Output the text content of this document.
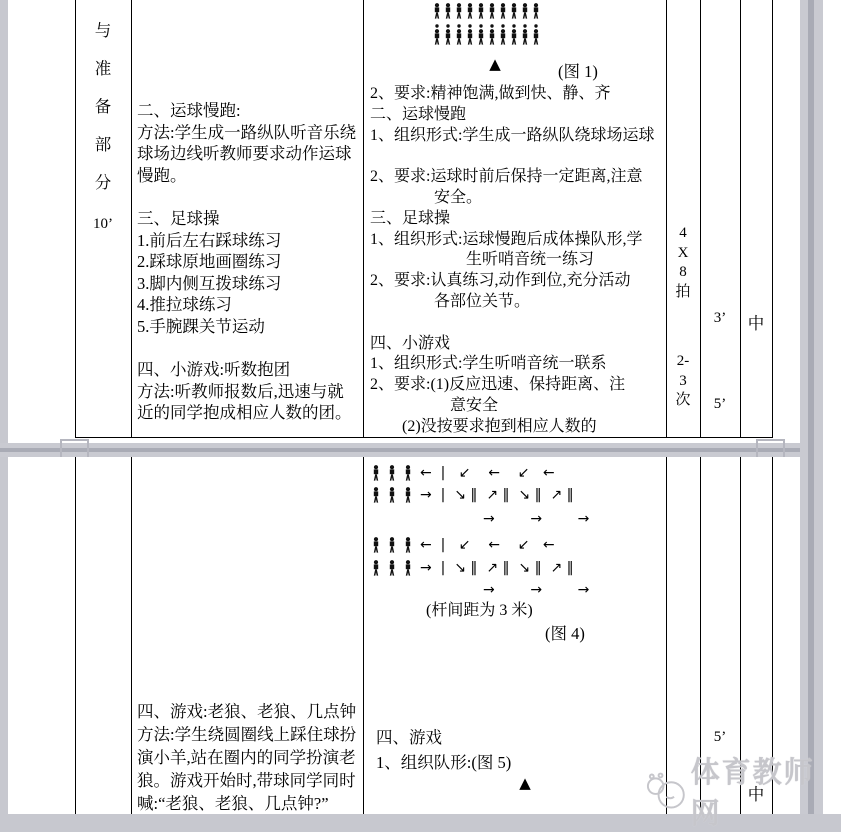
与
准
备
部
分
10’
二、运球慢跑:
方法:学生成一路纵队听音乐绕
球场边线听教师要求动作运球
慢跑。

三、足球操
1.前后左右踩球练习
2.踩球原地画圈练习
3.脚内侧互拨球练习
4.推拉球练习
5.手腕踝关节运动

四、小游戏:听数抱团
方法:听教师报数后,迅速与就
近的同学抱成相应人数的团。
▲	(图 1)
2、要求:精神饱满,做到快、静、齐
二、运球慢跑
1、组织形式:学生成一路纵队绕球场运球

2、要求:运球时前后保持一定距离,注意
　　　　安全。
三、足球操
1、组织形式:运球慢跑后成体操队形,学
　　　　　　生听哨音统一练习
2、要求:认真练习,动作到位,充分活动
　　　　各部位关节。

四、小游戏
1、组织形式:学生听哨音统一联系
2、要求:(1)反应迅速、保持距离、注
　　　　　意安全
　　(2)没按要求抱到相应人数的
4
X
8
拍
2-
3
次
3’
5’
中
←  |   ↙    ←    ↙   ←
→  |  ↘ ‖  ↗ ‖  ↘ ‖  ↗ ‖
→        →        →
←  |   ↙    ←    ↙   ←
→  |  ↘ ‖  ↗ ‖  ↘ ‖  ↗ ‖
→        →        →
(杆间距为 3 米)
(图 4)
四、游戏:老狼、老狼、几点钟
方法:学生绕圆圈线上踩住球扮
演小羊,站在圈内的同学扮演老
狼。游戏开始时,带球同学同时
喊:“老狼、老狼、几点钟?”
四、游戏
1、组织队形:(图 5)
▲
5’
中
体育教师网
